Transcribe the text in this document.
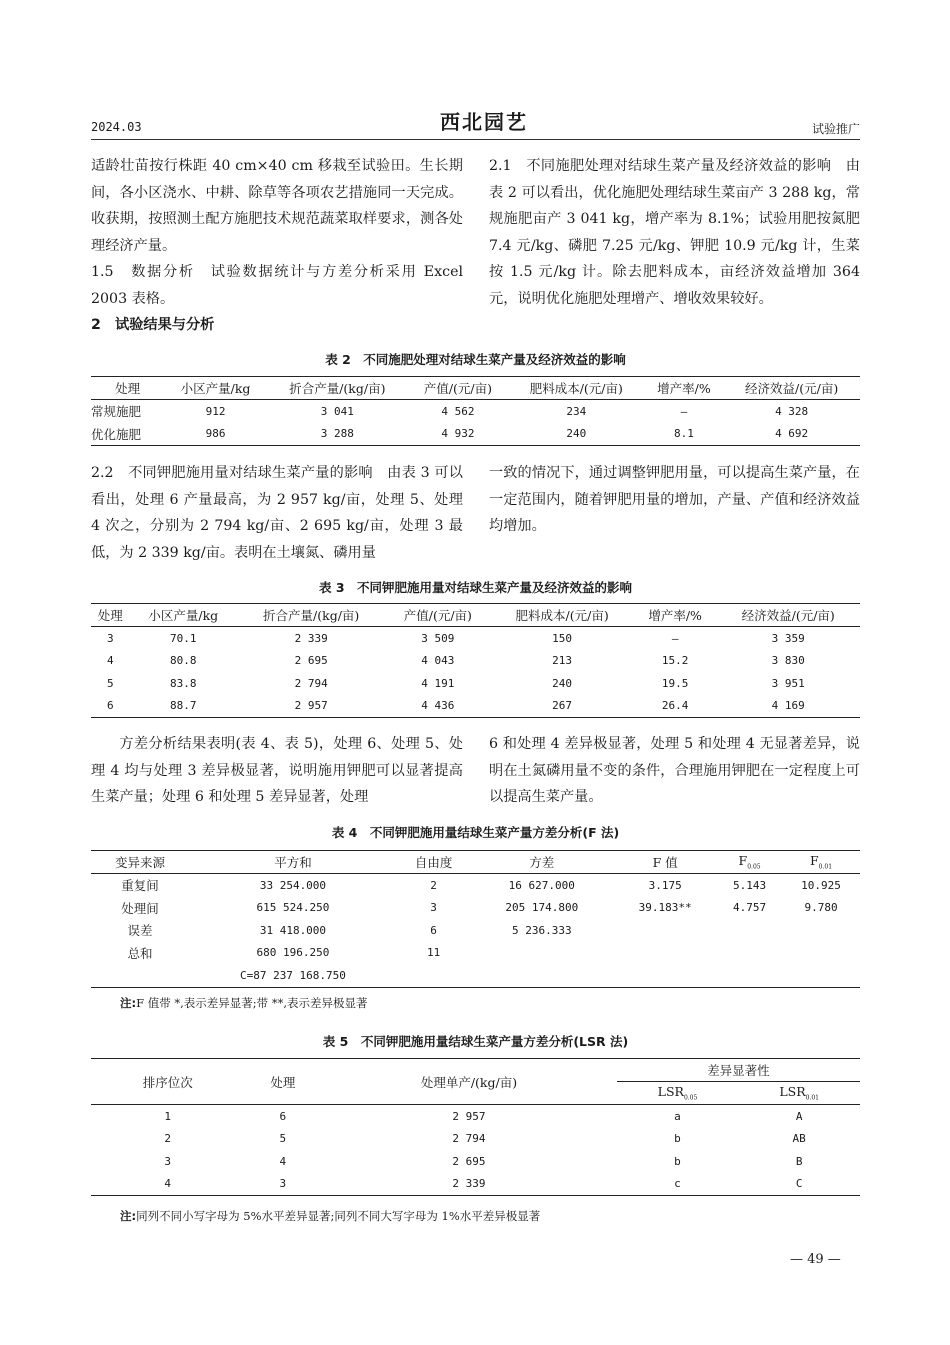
2024.03	西北园艺	试验推广

适龄壮苗按行株距 40 cm×40 cm 移栽至试验田。生长期间，各小区浇水、中耕、除草等各项农艺措施同一天完成。收获期，按照测土配方施肥技术规范蔬菜取样要求，测各处理经济产量。

1.5　数据分析　试验数据统计与方差分析采用 Excel 2003 表格。

2　试验结果与分析

2.1　不同施肥处理对结球生菜产量及经济效益的影响　由表 2 可以看出，优化施肥处理结球生菜亩产 3 288 kg，常规施肥亩产 3 041 kg，增产率为 8.1%；试验用肥按氮肥 7.4 元/kg、磷肥 7.25 元/kg、钾肥 10.9 元/kg 计，生菜按 1.5 元/kg 计。除去肥料成本，亩经济效益增加 364 元，说明优化施肥处理增产、增收效果较好。

表 2　不同施肥处理对结球生菜产量及经济效益的影响
处理	小区产量/kg	折合产量/(kg/亩)	产值/(元/亩)	肥料成本/(元/亩)	增产率/%	经济效益/(元/亩)
常规施肥	912	3 041	4 562	234	—	4 328
优化施肥	986	3 288	4 932	240	8.1	4 692

2.2　不同钾肥施用量对结球生菜产量的影响　由表 3 可以看出，处理 6 产量最高，为 2 957 kg/亩，处理 5、处理 4 次之，分别为 2 794 kg/亩、2 695 kg/亩，处理 3 最低，为 2 339 kg/亩。表明在土壤氮、磷用量

一致的情况下，通过调整钾肥用量，可以提高生菜产量，在一定范围内，随着钾肥用量的增加，产量、产值和经济效益均增加。

表 3　不同钾肥施用量对结球生菜产量及经济效益的影响
处理	小区产量/kg	折合产量/(kg/亩)	产值/(元/亩)	肥料成本/(元/亩)	增产率/%	经济效益/(元/亩)
3	70.1	2 339	3 509	150	—	3 359
4	80.8	2 695	4 043	213	15.2	3 830
5	83.8	2 794	4 191	240	19.5	3 951
6	88.7	2 957	4 436	267	26.4	4 169

方差分析结果表明(表 4、表 5)，处理 6、处理 5、处理 4 均与处理 3 差异极显著，说明施用钾肥可以显著提高生菜产量；处理 6 和处理 5 差异显著，处理

6 和处理 4 差异极显著，处理 5 和处理 4 无显著差异，说明在土氮磷用量不变的条件，合理施用钾肥在一定程度上可以提高生菜产量。

表 4　不同钾肥施用量结球生菜产量方差分析(F 法)
变异来源	平方和	自由度	方差	F 值	$F_{0.05}$	$F_{0.01}$
重复间	33 254.000	2	16 627.000	3.175	5.143	10.925
处理间	615 524.250	3	205 174.800	39.183**	4.757	9.780
误差	31 418.000	6	5 236.333			
总和	680 196.250	11				
	C=87 237 168.750					
注:F 值带 *,表示差异显著;带 **,表示差异极显著
表 5　不同钾肥施用量结球生菜产量方差分析(LSR 法)
排序位次	处理	处理单产/(kg/亩)	差异显著性	
			$LSR_{0.05}$	$LSR_{0.01}$
1	6	2 957	a	A
2	5	2 794	b	AB
3	4	2 695	b	B
4	3	2 339	c	C
注:同列不同小写字母为 5%水平差异显著;同列不同大写字母为 1%水平差异极显著
— 49 —
